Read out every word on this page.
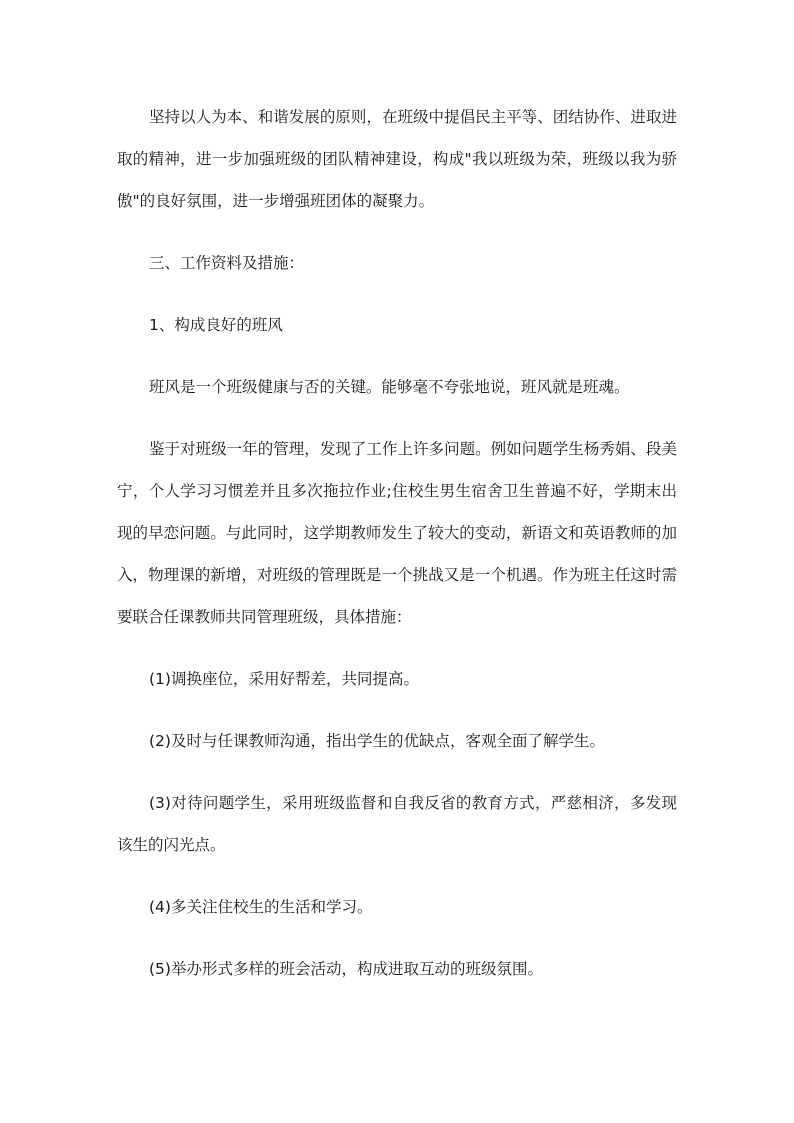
坚持以人为本、和谐发展的原则，在班级中提倡民主平等、团结协作、进取进取的精神，进一步加强班级的团队精神建设，构成"我以班级为荣，班级以我为骄傲"的良好氛围，进一步增强班团体的凝聚力。

三、工作资料及措施：

1、构成良好的班风

班风是一个班级健康与否的关键。能够毫不夸张地说，班风就是班魂。

鉴于对班级一年的管理，发现了工作上许多问题。例如问题学生杨秀娟、段美宁，个人学习习惯差并且多次拖拉作业;住校生男生宿舍卫生普遍不好，学期末出现的早恋问题。与此同时，这学期教师发生了较大的变动，新语文和英语教师的加入，物理课的新增，对班级的管理既是一个挑战又是一个机遇。作为班主任这时需要联合任课教师共同管理班级，具体措施：

(1)调换座位，采用好帮差，共同提高。

(2)及时与任课教师沟通，指出学生的优缺点，客观全面了解学生。

(3)对待问题学生，采用班级监督和自我反省的教育方式，严慈相济，多发现该生的闪光点。

(4)多关注住校生的生活和学习。

(5)举办形式多样的班会活动，构成进取互动的班级氛围。
